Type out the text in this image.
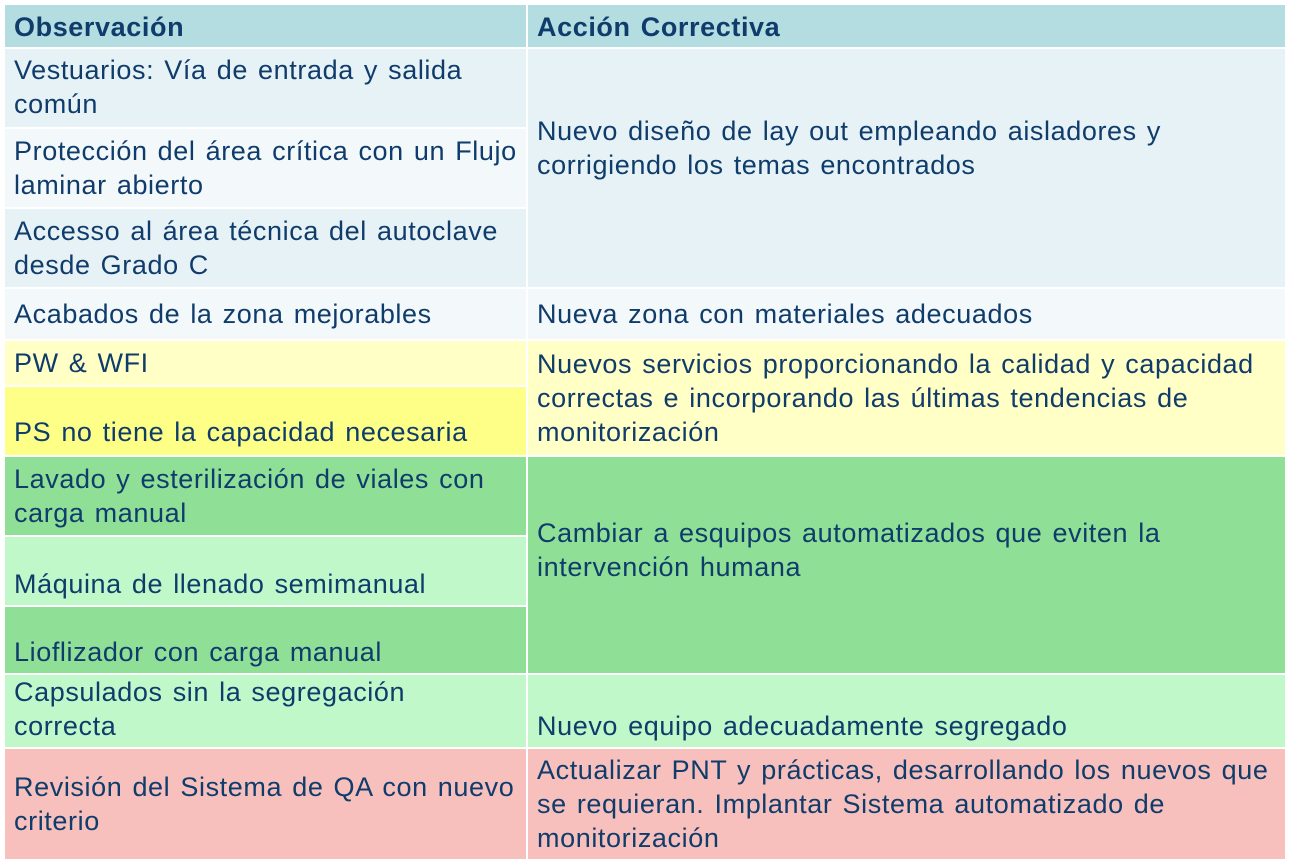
Observación	Acción Correctiva
Vestuarios: Vía de entrada y salida común	Nuevo diseño de lay out empleando aisladores y corrigiendo los temas encontrados
Protección del área crítica con un Flujo laminar abierto	
Accesso al área técnica del autoclave desde Grado C	
Acabados de la zona mejorables	Nueva zona con materiales adecuados
PW & WFI	Nuevos servicios proporcionando la calidad y capacidad correctas e incorporando las últimas tendencias de monitorización
PS no tiene la capacidad necesaria	
Lavado y esterilización de viales con carga manual	Cambiar a esquipos automatizados que eviten la intervención humana
Máquina de llenado semimanual	
Lioflizador con carga manual	
Capsulados sin la segregación correcta	Nuevo equipo adecuadamente segregado
Revisión del Sistema de QA con nuevo criterio	Actualizar PNT y prácticas, desarrollando los nuevos que se requieran. Implantar Sistema automatizado de monitorización
